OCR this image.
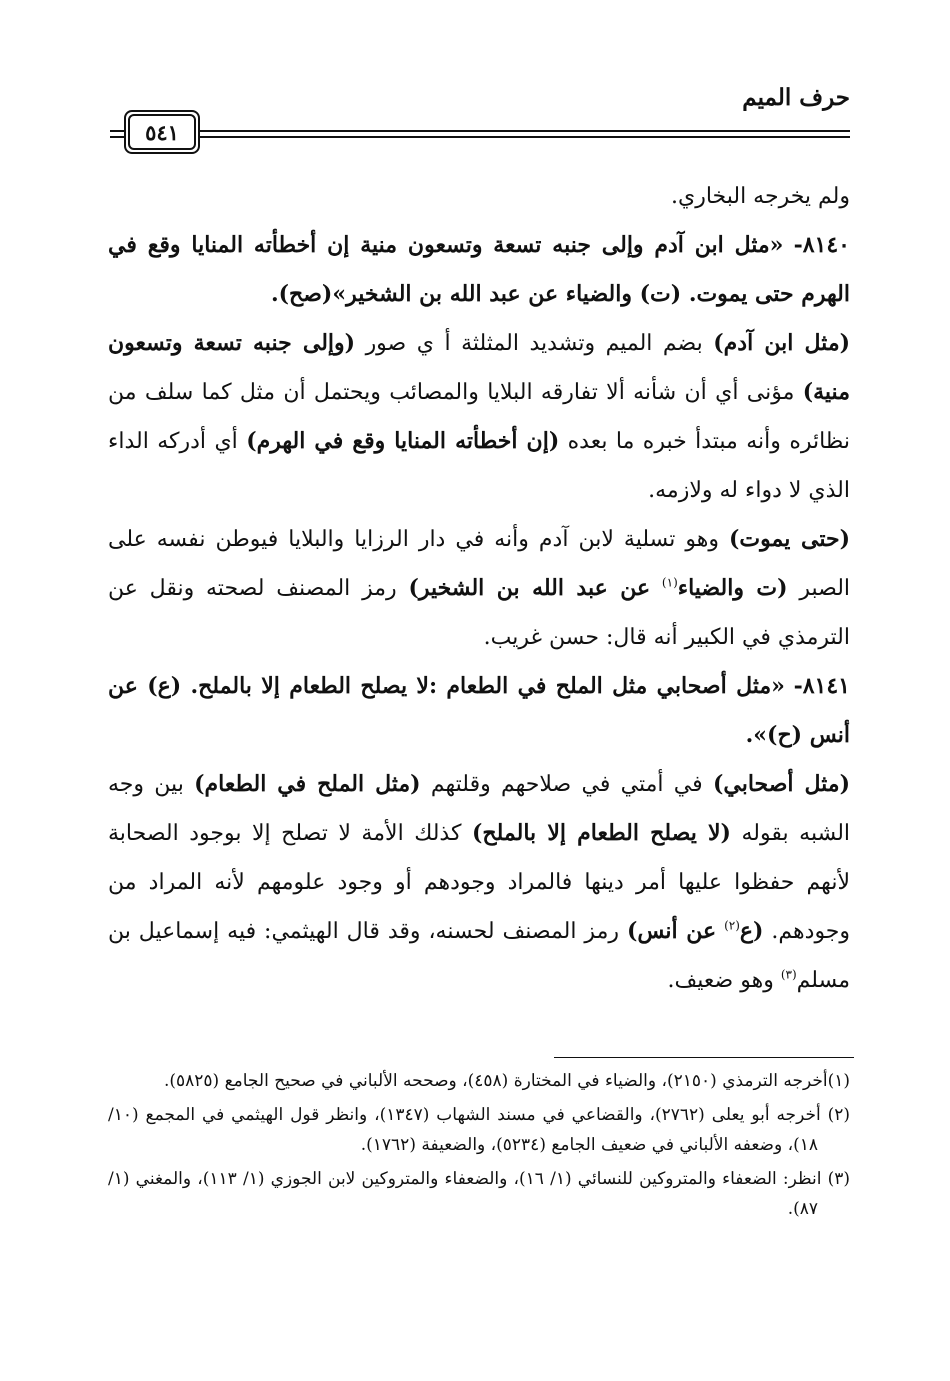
حرف الميم
٥٤١

ولم يخرجه البخاري.

٨١٤٠- «مثل ابن آدم وإلى جنبه تسعة وتسعون منية إن أخطأته المنايا وقع في الهرم حتى يموت. (ت) والضياء عن عبد الله بن الشخير»(صح).

(مثل ابن آدم) بضم الميم وتشديد المثلثة أ ي صور (وإلى جنبه تسعة وتسعون منية) مؤنى أي أن شأنه ألا تفارقه البلايا والمصائب ويحتمل أن مثل كما سلف من نظائره وأنه مبتدأ خبره ما بعده (إن أخطأته المنايا وقع في الهرم) أي أدركه الداء الذي لا دواء له ولازمه.

(حتى يموت) وهو تسلية لابن آدم وأنه في دار الرزايا والبلايا فيوطن نفسه على الصبر (ت والضياء$^{(١)}$ عن عبد الله بن الشخير) رمز المصنف لصحته ونقل عن الترمذي في الكبير أنه قال: حسن غريب.

٨١٤١- «مثل أصحابي مثل الملح في الطعام :لا يصلح الطعام إلا بالملح. (ع) عن أنس (ح)».

(مثل أصحابي) في أمتي في صلاحهم وقلتهم (مثل الملح في الطعام) بين وجه الشبه بقوله (لا يصلح الطعام إلا بالملح) كذلك الأمة لا تصلح إلا بوجود الصحابة لأنهم حفظوا عليها أمر دينها فالمراد وجودهم أو وجود علومهم لأنه المراد من وجودهم. (ع$^{(٢)}$ عن أنس) رمز المصنف لحسنه، وقد قال الهيثمي: فيه إسماعيل بن مسلم$^{(٣)}$ وهو ضعيف.

(١)أخرجه الترمذي (٢١٥٠)، والضياء في المختارة (٤٥٨)، وصححه الألباني في صحيح الجامع (٥٨٢٥).

(٢) أخرجه أبو يعلى (٢٧٦٢)، والقضاعي في مسند الشهاب (١٣٤٧)، وانظر قول الهيثمي في المجمع (١٠/ ١٨)، وضعفه الألباني في ضعيف الجامع (٥٢٣٤)، والضعيفة (١٧٦٢).

(٣) انظر: الضعفاء والمتروكين للنسائي (١/ ١٦)، والضعفاء والمتروكين لابن الجوزي (١/ ١١٣)، والمغني (١/ ٨٧).
